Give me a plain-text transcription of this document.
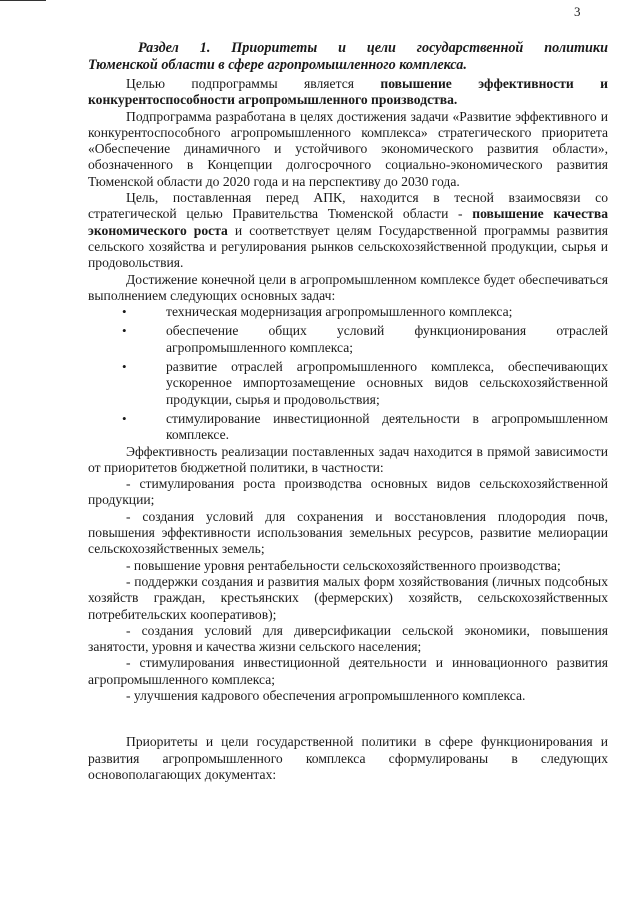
3

Раздел 1. Приоритеты и цели государственной политики

Тюменской области в сфере агропромышленного комплекса.

Целью подпрограммы является повышение эффективности и

конкурентоспособности агропромышленного производства.

Подпрограмма разработана в целях достижения задачи «Развитие эффективного и конкурентоспособного агропромышленного комплекса» стратегического приоритета «Обеспечение динамичного и устойчивого экономического развития области», обозначенного в Концепции долгосрочного социально-экономического развития Тюменской области до 2020 года и на перспективу до 2030 года.

Цель, поставленная перед АПК, находится в тесной взаимосвязи со стратегической целью Правительства Тюменской области - повышение качества экономического роста и соответствует целям Государственной программы развития сельского хозяйства и регулирования рынков сельскохозяйственной продукции, сырья и продовольствия.

Достижение конечной цели в агропромышленном комплексе будет обеспечиваться выполнением следующих основных задач:

•	техническая модернизация агропромышленного комплекса;
•	обеспечение общих условий функционирования отраслей агропромышленного комплекса;
•	развитие отраслей агропромышленного комплекса, обеспечивающих ускоренное импортозамещение основных видов сельскохозяйственной продукции, сырья и продовольствия;
•	стимулирование инвестиционной деятельности в агропромышленном комплексе.

Эффективность реализации поставленных задач находится в прямой зависимости от приоритетов бюджетной политики, в частности:

- стимулирования роста производства основных видов сельскохозяйственной продукции;

- создания условий для сохранения и восстановления плодородия почв, повышения эффективности использования земельных ресурсов, развитие мелиорации сельскохозяйственных земель;

- повышение уровня рентабельности сельскохозяйственного производства;

- поддержки создания и развития малых форм хозяйствования (личных подсобных хозяйств граждан, крестьянских (фермерских) хозяйств, сельскохозяйственных потребительских кооперативов);

- создания условий для диверсификации сельской экономики, повышения занятости, уровня и качества жизни сельского населения;

- стимулирования инвестиционной деятельности и инновационного развития агропромышленного комплекса;

- улучшения кадрового обеспечения агропромышленного комплекса.

Приоритеты и цели государственной политики в сфере функционирования и развития агропромышленного комплекса сформулированы в следующих основополагающих документах:
